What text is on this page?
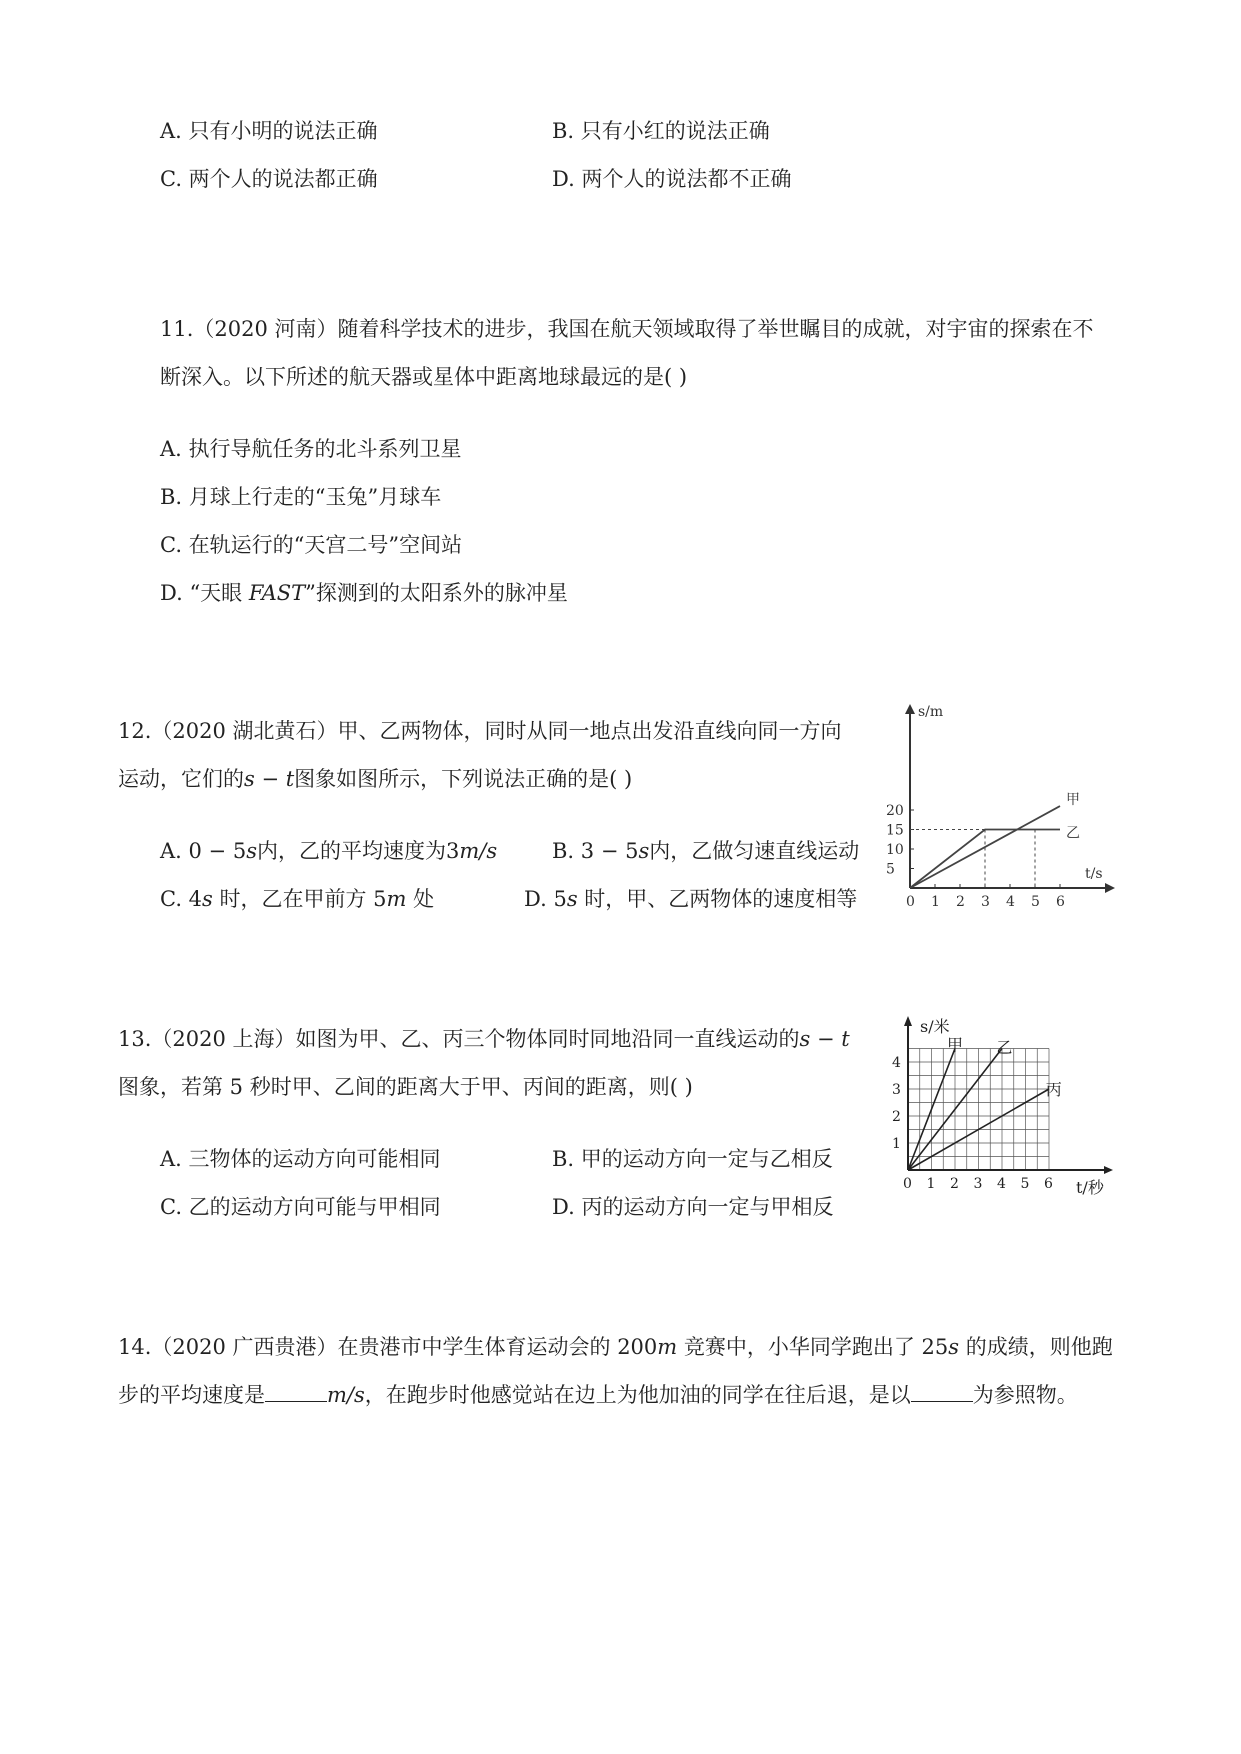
A. 只有小明的说法正确	B. 只有小红的说法正确
C. 两个人的说法都正确	D. 两个人的说法都不正确
11.（2020 河南）随着科学技术的进步，我国在航天领域取得了举世瞩目的成就，对宇宙的探索在不
断深入。以下所述的航天器或星体中距离地球最远的是( )
A. 执行导航任务的北斗系列卫星
B. 月球上行走的“玉兔”月球车
C. 在轨运行的“天宫二号”空间站
D. “天眼 FAST”探测到的太阳系外的脉冲星
12.（2020 湖北黄石）甲、乙两物体，同时从同一地点出发沿直线向同一方向
运动，它们的s − t图象如图所示，下列说法正确的是( )
A. 0 − 5s内，乙的平均速度为3m/s	B. 3 − 5s内，乙做匀速直线运动
C. 4s 时，乙在甲前方 5m 处	D. 5s 时，甲、乙两物体的速度相等
s/m
t/s
0 1 2 3 4 5 6
5
10
15
20
甲
乙
13.（2020 上海）如图为甲、乙、丙三个物体同时同地沿同一直线运动的s − t
图象，若第 5 秒时甲、乙间的距离大于甲、丙间的距离，则( )
A. 三物体的运动方向可能相同	B. 甲的运动方向一定与乙相反
C. 乙的运动方向可能与甲相同	D. 丙的运动方向一定与甲相反
s/米
t/秒
0 1 2 3 4 5 6
1
2
3
4
甲 乙
丙
14.（2020 广西贵港）在贵港市中学生体育运动会的 200m 竞赛中，小华同学跑出了 25s 的成绩，则他跑
步的平均速度是	m/s，在跑步时他感觉站在边上为他加油的同学在往后退，是以	为参照物。
